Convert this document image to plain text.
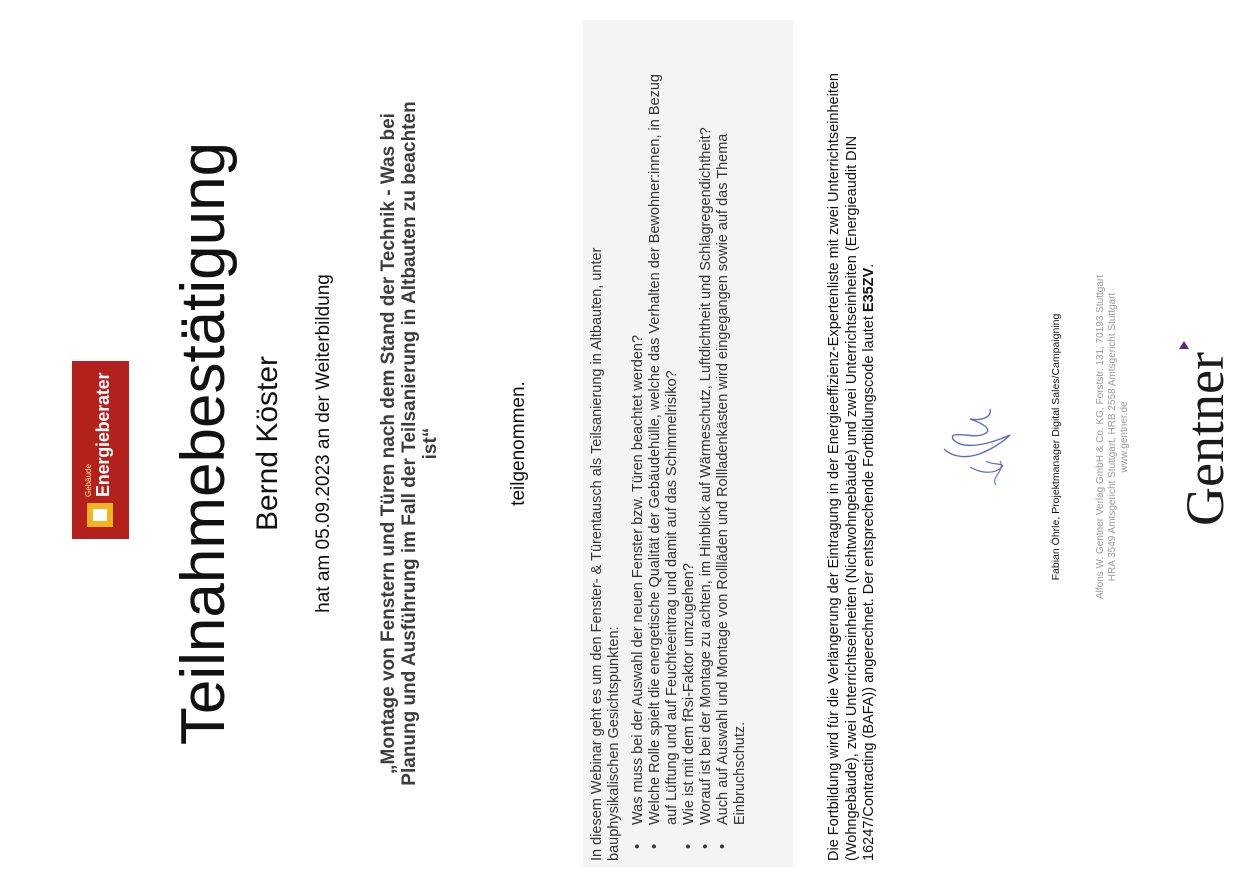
Gebäude Energieberater Teilnahmebestätigung Bernd Köster hat am 05.09.2023 an der Weiterbildung „Montage von Fenstern und Türen nach dem Stand der Technik - Was bei Planung und Ausführung im Fall der Teilsanierung in Altbauten zu beachten ist“	teilgenommen.	In diesem Webinar geht es um den Fenster- & Türentausch als Teilsanierung in Altbauten, unter bauphysikalischen Gesichtspunkten: • Was muss bei der Auswahl der neuen Fenster bzw. Türen beachtet werden? • Welche Rolle spielt die energetische Qualität der Gebäudehülle, welche das Verhalten der Bewohner:innen, in Bezug auf Lüftung und auf Feuchteeintrag und damit auf das Schimmelrisiko? • Wie ist mit dem fRsi-Faktor umzugehen? • Worauf ist bei der Montage zu achten, im Hinblick auf Wärmeschutz, Luftdichtheit und Schlagregendichtheit? • Auch auf Auswahl und Montage von Rollläden und Rollladenkästen wird eingegangen sowie auf das Thema Einbruchschutz.	Die Fortbildung wird für die Verlängerung der Eintragung in der Energieeffizienz-Expertenliste mit zwei Unterrichtseinheiten (Wohngebäude), zwei Unterrichtseinheiten (Nichtwohngebäude) und zwei Unterrichtseinheiten (Energieaudit DIN 16247/Contracting (BAFA)) angerechnet. Der entsprechende Fortbildungscode lautet E35ZV.
Fabian Öhrle, Projektmanager Digital Sales/Campaigning	Alfons W. Gentner Verlag GmbH & Co. KG, Forststr. 131, 70193 Stuttgart HRA 3549 Amtsgericht Stuttgart, HRB 2558 Amtsgericht Stuttgart www.gentner.de Gentner
